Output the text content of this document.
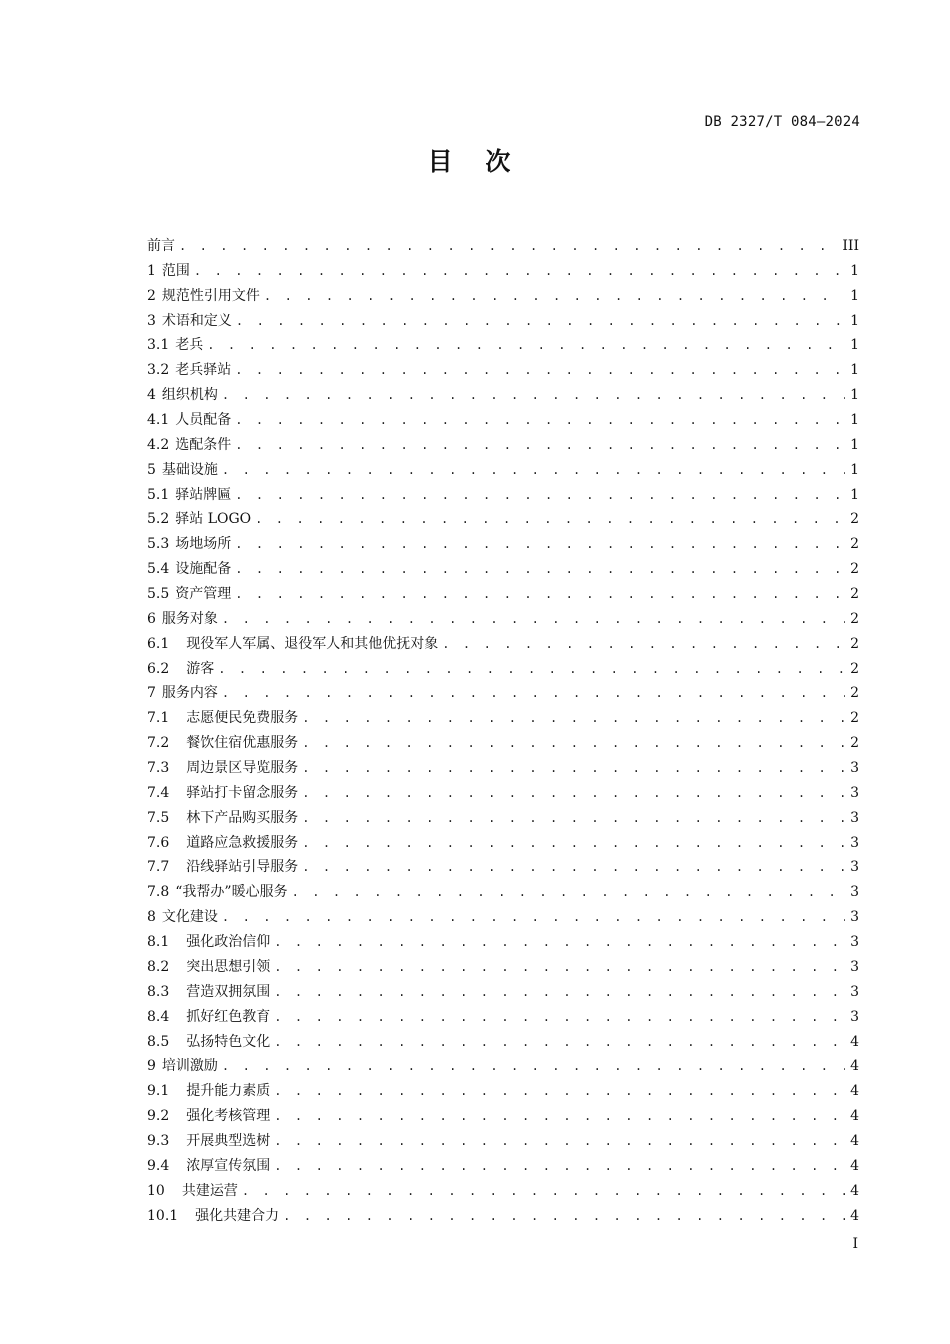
DB 2327/T 084—2024
目 次
前言 . . .	III
1 范围 . . .	1
2 规范性引用文件 . . .	1
3 术语和定义 . . .	1
3.1 老兵 . . .	1
3.2 老兵驿站 . . .	1
4 组织机构 . . .	1
4.1 人员配备 . . .	1
4.2 选配条件 . . .	1
5 基础设施 . . .	1
5.1 驿站牌匾 . . .	1
5.2 驿站 LOGO . . .	2
5.3 场地场所 . . .	2
5.4 设施配备 . . .	2
5.5 资产管理 . . .	2
6 服务对象 . . .	2
6.1	现役军人军属、退役军人和其他优抚对象 . . .	2
6.2	游客 . . .	2
7 服务内容 . . .	2
7.1	志愿便民免费服务 . . .	2
7.2	餐饮住宿优惠服务 . . .	2
7.3	周边景区导览服务 . . .	3
7.4	驿站打卡留念服务 . . .	3
7.5	林下产品购买服务 . . .	3
7.6	道路应急救援服务 . . .	3
7.7	沿线驿站引导服务 . . .	3
7.8 “我帮办”暖心服务 . . .	3
8 文化建设 . . .	3
8.1	强化政治信仰 . . .	3
8.2	突出思想引领 . . .	3
8.3	营造双拥氛围 . . .	3
8.4	抓好红色教育 . . .	3
8.5	弘扬特色文化 . . .	4
9 培训激励 . . .	4
9.1	提升能力素质 . . .	4
9.2	强化考核管理 . . .	4
9.3	开展典型选树 . . .	4
9.4	浓厚宣传氛围 . . .	4
10	共建运营 . . .	4
10.1	强化共建合力 . . .	4
I
